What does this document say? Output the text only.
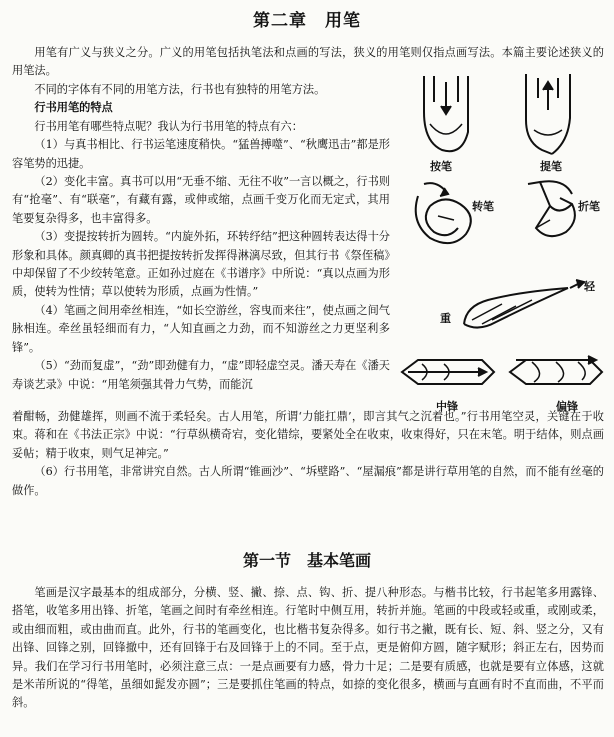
第二章　用笔

用笔有广义与狭义之分。广义的用笔包括执笔法和点画的写法，狭义的用笔则仅指点画写法。本篇主要论述狭义的用笔法。

不同的字体有不同的用笔方法，行书也有独特的用笔方法。

行书用笔的特点

行书用笔有哪些特点呢？我认为行书用笔的特点有六：

（1）与真书相比、行书运笔速度稍快。“猛兽搏噬”、“秋鹰迅击”都是形容笔势的迅捷。

（2）变化丰富。真书可以用“无垂不缩、无往不收”一言以概之，行书则有“抢毫”、有“联毫”，有藏有露，或伸或缩，点画千变万化而无定式，其用笔要复杂得多，也丰富得多。

（3）变提按转折为圆转。“内旋外拓，环转纾结”把这种圆转表达得十分形象和具体。颜真卿的真书把提按转折发挥得淋漓尽致，但其行书《祭侄稿》中却保留了不少绞转笔意。正如孙过庭在《书谱序》中所说：“真以点画为形质，使转为性情；草以使转为形质，点画为性情。”

（4）笔画之间用牵丝相连，“如长空游丝，容曳而来往”，使点画之间气脉相连。牵丝虽轻细而有力，“人知直画之力劲，而不知游丝之力更坚利多锋”。

（5）“劲而复虚”，“劲”即劲健有力，“虚”即轻虚空灵。潘天寿在《潘天寿谈艺录》中说：“用笔须强其骨力气势，而能沉

着酣畅，劲健雄挥，则画不流于柔轻矣。古人用笔，所谓‘力能扛鼎’，即言其气之沉着也。”行书用笔空灵，关键在于收束。蒋和在《书法正宗》中说：“行草纵横奇宕，变化错综，要紧处全在收束，收束得好，只在末笔。明于结体，则点画妥帖；精于收束，则气足神完。”

（6）行书用笔，非常讲究自然。古人所谓“锥画沙”、“坼壁路”、“屋漏痕”都是讲行草用笔的自然，而不能有丝毫的做作。

第一节　基本笔画

笔画是汉字最基本的组成部分，分横、竖、撇、捺、点、钩、折、提八种形态。与楷书比较，行书起笔多用露锋、搭笔，收笔多用出锋、折笔，笔画之间时有牵丝相连。行笔时中侧互用，转折并施。笔画的中段或轻或重，或刚或柔，或由细而粗，或由曲而直。此外，行书的笔画变化，也比楷书复杂得多。如行书之撇，既有长、短、斜、竖之分，又有出锋、回锋之别，回锋撤中，还有回锋于右及回锋于上的不同。至于点，更是俯仰方圆，随字赋形；斜正左右，因势而异。我们在学习行书用笔时，必须注意三点：一是点画要有力感，骨力十足；二是要有质感，也就是要有立体感，这就是米芾所说的“得笔，虽细如髭发亦圆”；三是要抓住笔画的特点，如捺的变化很多，横画与直画有时不直而曲，不平而斜。

按笔	提笔
转笔	折笔
轻
重
中锋	偏锋
